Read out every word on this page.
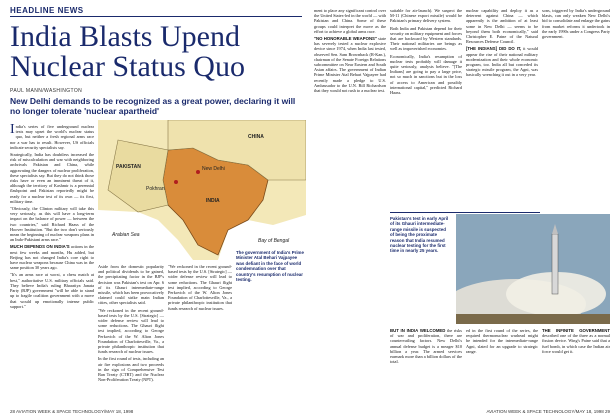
HEADLINE NEWS
India Blasts Upend Nuclear Status Quo
PAUL MANN/WASHINGTON

New Delhi demands to be recognized as a great power, declaring it will no longer tolerate 'nuclear apartheid'

India's series of five underground nuclear tests may upset the world's nuclear status quo, but neither a fresh regional arms race nor a war has to result. However, US officials indicate security specialists say.

Strategically, India has doubtless increased the risk of miscalculation and war with neighboring archrivals Pakistan and China, while aggravating the dangers of nuclear proliferation, these specialists say. But they do not think those risks have or even an imminent threat of it, although the territory of Kashmir is a perennial flashpoint and Pakistan reportedly might be ready for a nuclear test of its own — its first, military time.

"Obviously, the Clinton military will take this very seriously, as this will have a long-term impact on the balance of power — between the two countries," said Richard Haass of the Hoover Institution. "But the two don't seriously mean the beginning of nuclear weapons plans in an Indo-Pakistani arms race."

MUCH DEPENDS ON INDIA'S actions in the next few weeks and months, Hu added, but Beijing has not changed India's core right to have nuclear weapons because China was in the same position 30 years ago.

"It's an arms race at worst, a chess match at best," authoritative U.S. military officials said. They believe India's ruling Bharatiya Janata Party (BJP) government "will be able to stand up to fragile coalition government with a move that would up emotionally intense public support."

CHINA
PAKISTAN
INDIA
New Delhi
Pokhran
Arabian Sea
Bay of Bengal

Aside from the domestic popularity and political dividends to be gained, the precipitating factor in the BJP's decision was Pakistan's test on Apr. 6 of its Ghauri intermediate-range missile, which has been provocatively claimed could strike main Indian cities, other specialists said.

"We reckoned in the recent ground-based tests by the U.S. [Strategic] — wider defense review will lead to some reductions. The Ghauri flight test implied, according to George Perkovich of the W. Alton Jones Foundation of Charlottesville, Va., a private philanthropic institution that funds research of nuclear issues.

In the first round of tests, including an air fire explosions and two proceeds in the sign of Comprehensive Test Ban Treaty (CTBT) and the Nuclear Non-Proliferation Treaty (NPT).

"We reckoned in the recent ground-based tests by the U.S. [Strategic] — wider defense review will lead to some reductions. The Ghauri flight test implied, according to George Perkovich of the W. Alton Jones Foundation of Charlottesville, Va., a private philanthropic institution that funds research of nuclear issues.

The government of India's Prime Minister Atal Behari Vajpayee was defiant in the face of world condemnation over that country's resumption of nuclear testing.
28 AVIATION WEEK & SPACE TECHNOLOGY/MAY 18, 1998

ment to place any significant control over the United States-led in the world — with Pakistan and China. Some of these groups could interpret the move as the effort to achieve a global arms race.

"NO HONORABLE WEAPONS" state has severely tested a nuclear explosive device since 1974, when India last tested, observed Sen. Sam Brownback (R-Kan.), chairman of the Senate Foreign Relations subcommittee on Near Eastern and South Asian affairs. The government of Indian Prime Minister Atal Behari Vajpayee had recently made a pledge to U.S. Ambassador to the U.N. Bill Richardson that they would not rush to a nuclear test.

suitable for air-launch). We suspect the M-11 (Chinese export missile) would be Pakistan's primary delivery system.

Both India and Pakistan depend for their security on military equipment and forces that are backward by Western standards. Their national militaries are beings as well as impoverished economies.

Economically, India's resumption of nuclear tests probably will damage it quite seriously, analysts believe. "[The Indians] are going to pay a large price, not so much in sanctions but in the loss of access to American and possibly international capital," predicted Richard Haass.

nuclear capability and deploy it as a deterrent against China — which apparently is the ambition of at least some in New Delhi — seems to be beyond them both economically," said Christopher E. Paine of the Natural Resources Defense Council.

[THE INDIANS] DID DO IT, it would appear the rise of their national military modernization and their whole economic program, too. India all but conceded its strategic missile program, the Agni, was basically wrenching it out in a very year.

sons, triggered by India's underground blasts, can only weaken New Delhi's bid to consolidate and enlarge the gains from market reforms it undertook in the early 1990s under a Congress Party government.

Pakistan's test in early April of its Ghauri intermediate-range missile is suspected of being the proximate reason that India resumed nuclear testing for the first time in nearly 25 years.

BUT IN INDIA WELCOMED the risks of war and proliferation, there are countervailing factors. New Delhi's annual defense budget is a meager $10 billion a year. The armed services earmark more than a billion dollars of the total.

ed in the first round of the series, the required thermonuclear warhead might be intended for the intermediate-range Agni, slated for an upgrade to strategic range.

THE INFINITE GOVERNMENT described one of the three as a normal fission device. Wing's Paine said that a fuel bomb, in which case the Indian air force would get it.

AVIATION WEEK & SPACE TECHNOLOGY/MAY 18, 1998 29
